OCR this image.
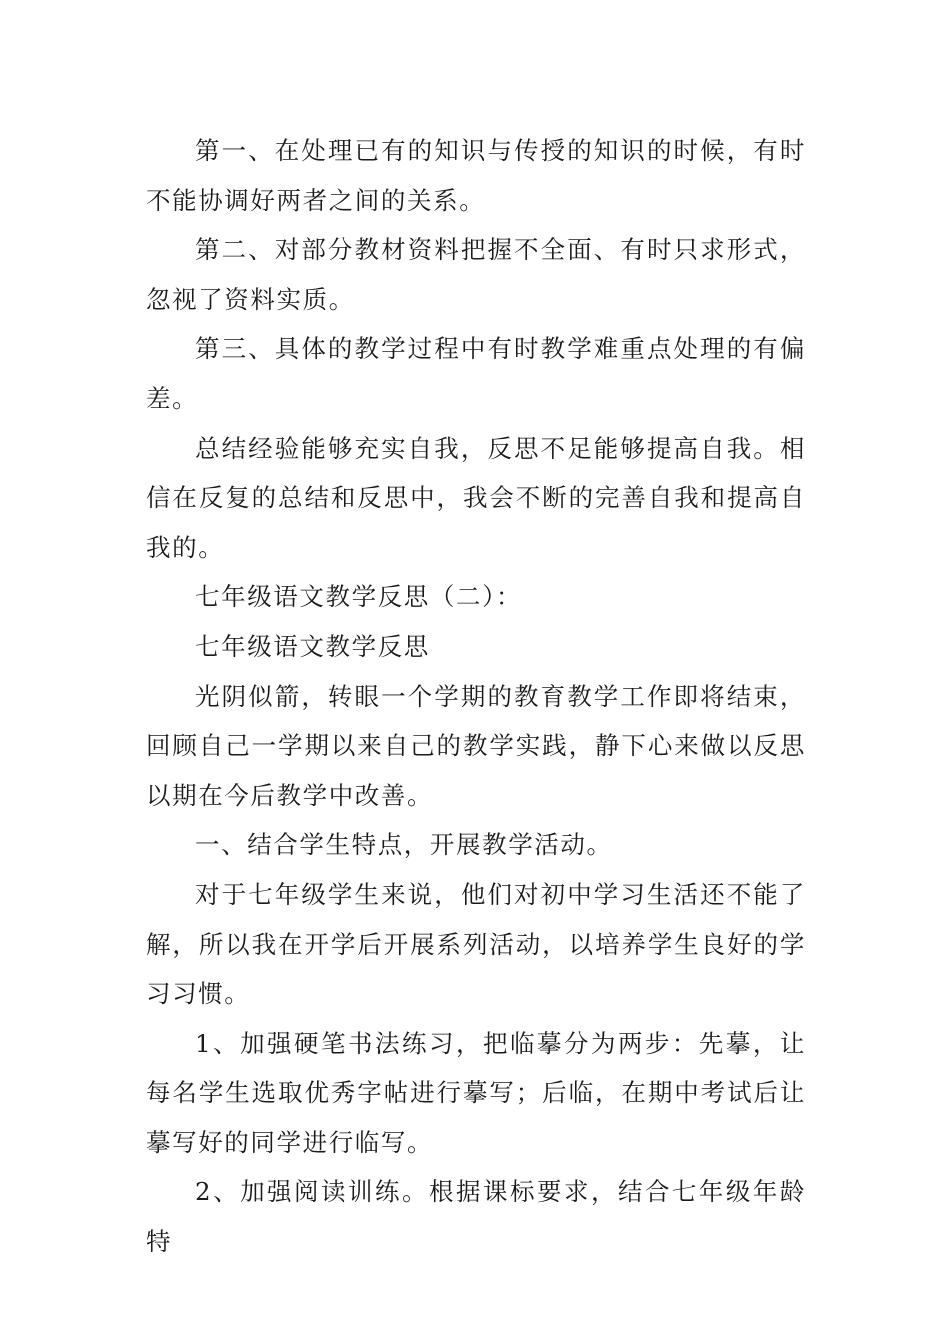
第一、在处理已有的知识与传授的知识的时候，有时不能协调好两者之间的关系。

第二、对部分教材资料把握不全面、有时只求形式，忽视了资料实质。

第三、具体的教学过程中有时教学难重点处理的有偏差。

总结经验能够充实自我，反思不足能够提高自我。相信在反复的总结和反思中，我会不断的完善自我和提高自我的。

七年级语文教学反思（二）：

七年级语文教学反思

光阴似箭，转眼一个学期的教育教学工作即将结束，回顾自己一学期以来自己的教学实践，静下心来做以反思以期在今后教学中改善。

一、结合学生特点，开展教学活动。

对于七年级学生来说，他们对初中学习生活还不能了解，所以我在开学后开展系列活动，以培养学生良好的学习习惯。

1、加强硬笔书法练习，把临摹分为两步：先摹，让每名学生选取优秀字帖进行摹写；后临，在期中考试后让摹写好的同学进行临写。

2、加强阅读训练。根据课标要求，结合七年级年龄特
